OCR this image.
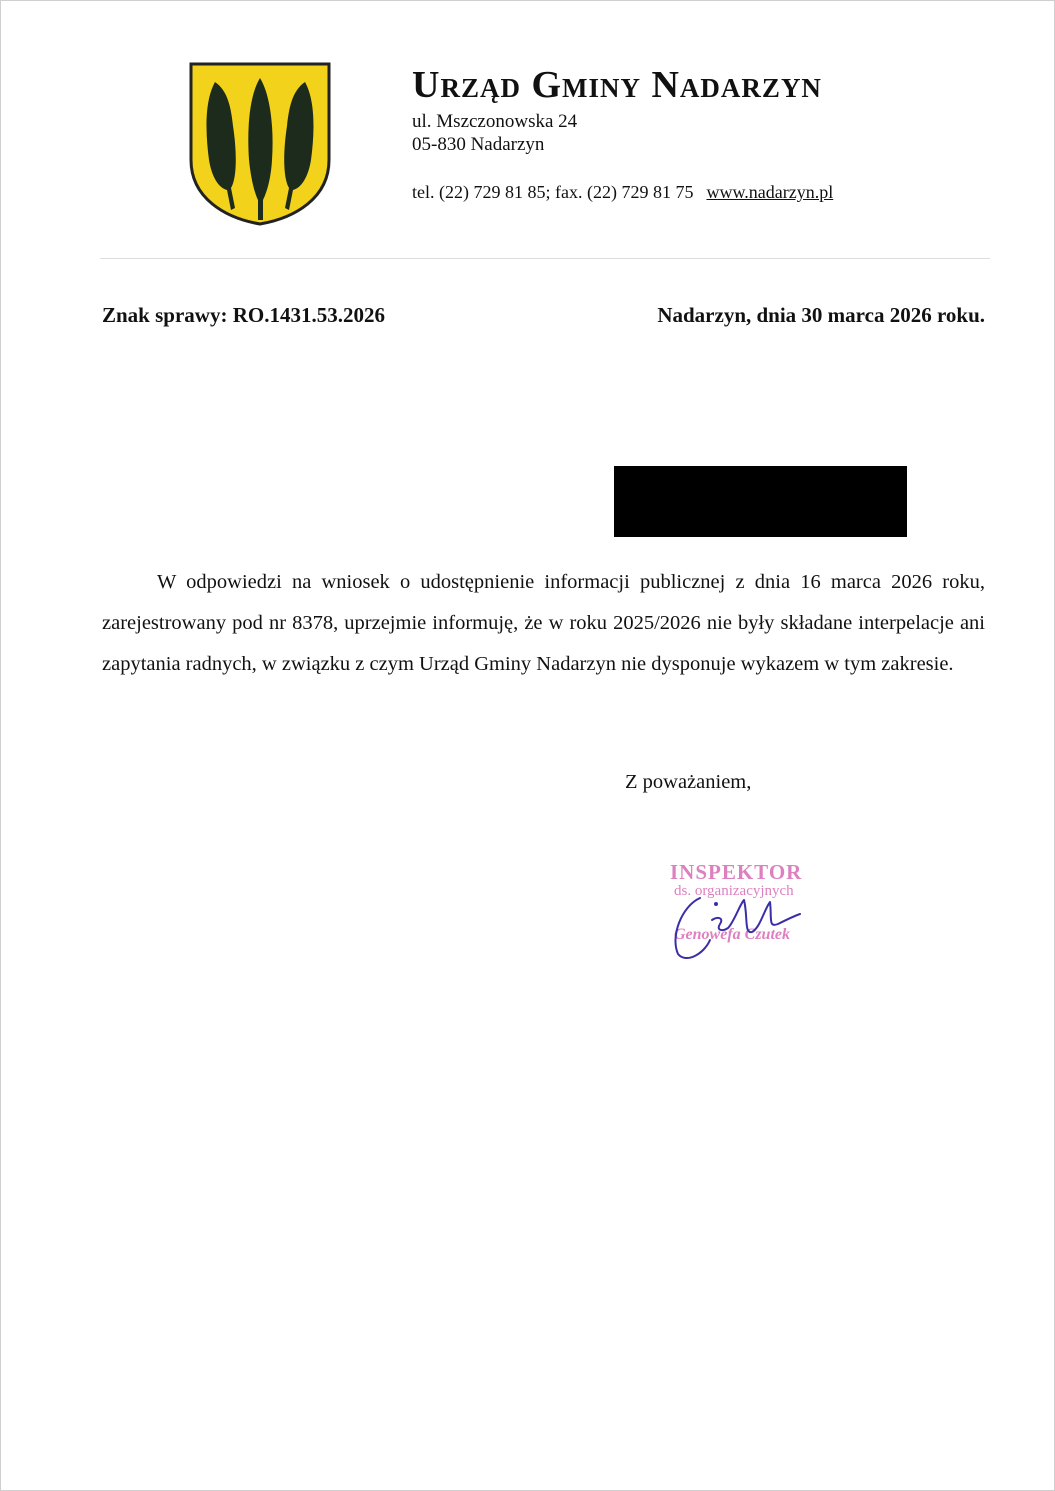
Urząd Gminy Nadarzyn
ul. Mszczonowska 24
05-830 Nadarzyn
tel. (22) 729 81 85; fax. (22) 729 81 75 www.nadarzyn.pl
Znak sprawy: RO.1431.53.2026	Nadarzyn, dnia 30 marca 2026 roku.

W odpowiedzi na wniosek o udostępnienie informacji publicznej z dnia 16 marca 2026 roku, zarejestrowany pod nr 8378, uprzejmie informuję, że w roku 2025/2026 nie były składane interpelacje ani zapytania radnych, w związku z czym Urząd Gminy Nadarzyn nie dysponuje wykazem w tym zakresie.

Z poważaniem,
INSPEKTOR
ds. organizacyjnych
Genowefa Czutek
